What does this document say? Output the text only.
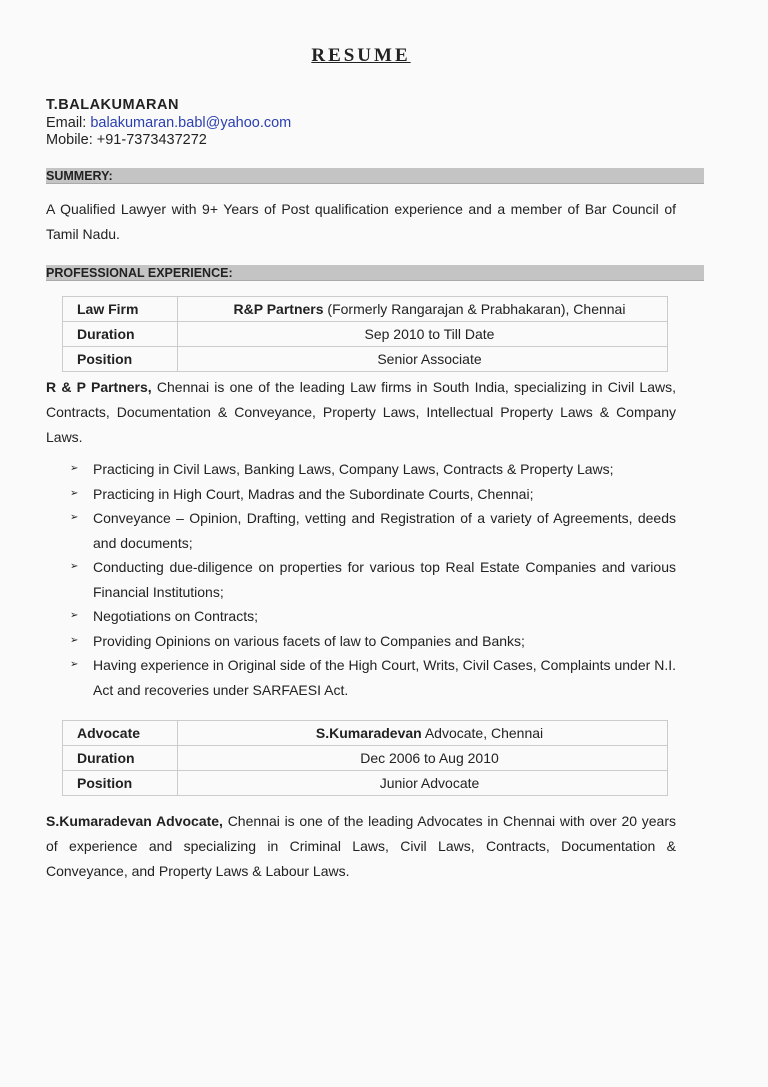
RESUME
T.BALAKUMARAN
Email: balakumaran.babl@yahoo.com
Mobile: +91-7373437272
SUMMERY:
A Qualified Lawyer with 9+ Years of Post qualification experience and a member of Bar Council of Tamil Nadu.
PROFESSIONAL EXPERIENCE:
Law Firm	R&P Partners (Formerly Rangarajan & Prabhakaran), Chennai
Duration	Sep 2010 to Till Date
Position	Senior Associate
R & P Partners, Chennai is one of the leading Law firms in South India, specializing in Civil Laws, Contracts, Documentation & Conveyance, Property Laws, Intellectual Property Laws & Company Laws.
➢ Practicing in Civil Laws, Banking Laws, Company Laws, Contracts & Property Laws;
➢ Practicing in High Court, Madras and the Subordinate Courts, Chennai;
➢ Conveyance – Opinion, Drafting, vetting and Registration of a variety of Agreements, deeds and documents;
➢ Conducting due-diligence on properties for various top Real Estate Companies and various Financial Institutions;
➢ Negotiations on Contracts;
➢ Providing Opinions on various facets of law to Companies and Banks;
➢ Having experience in Original side of the High Court, Writs, Civil Cases, Complaints under N.I. Act and recoveries under SARFAESI Act.
Advocate	S.Kumaradevan Advocate, Chennai
Duration	Dec 2006 to Aug 2010
Position	Junior Advocate
S.Kumaradevan Advocate, Chennai is one of the leading Advocates in Chennai with over 20 years of experience and specializing in Criminal Laws, Civil Laws, Contracts, Documentation & Conveyance, and Property Laws & Labour Laws.
